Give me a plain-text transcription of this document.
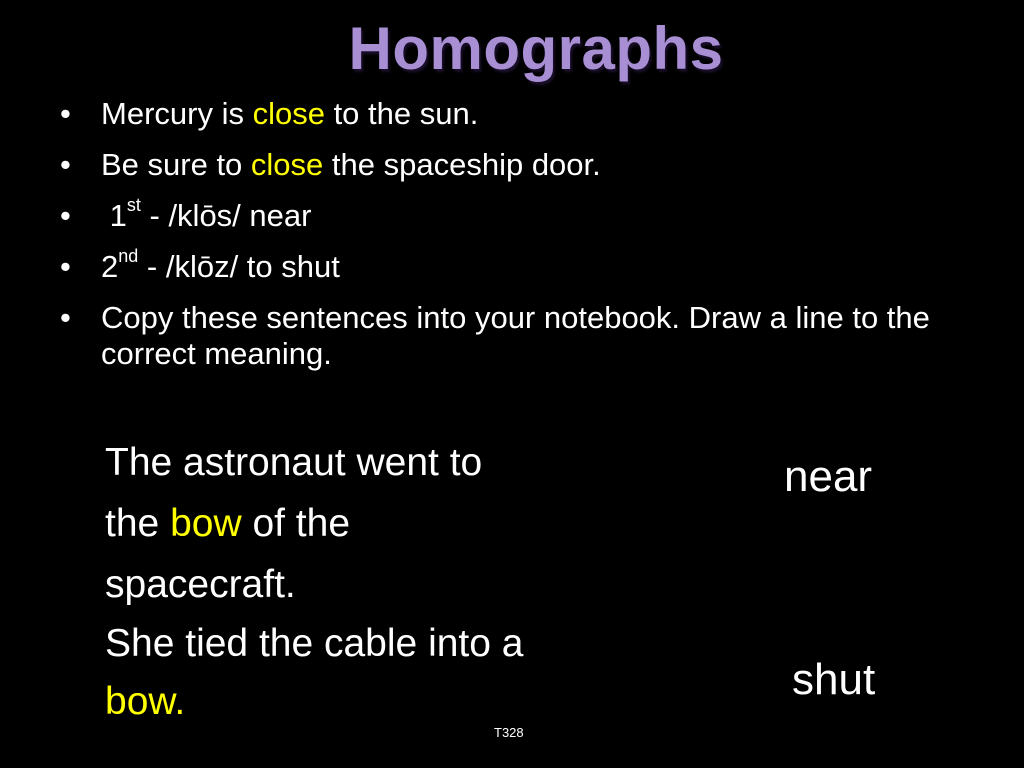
Homographs
• Mercury is close to the sun.
• Be sure to close the spaceship door.
• 1st - /klōs/ near
• 2nd - /klōz/ to shut
• Copy these sentences into your notebook. Draw a line to the correct meaning.
The astronaut went to
the bow of the
spacecraft.
She tied the cable into a
bow.
near
shut
T328
